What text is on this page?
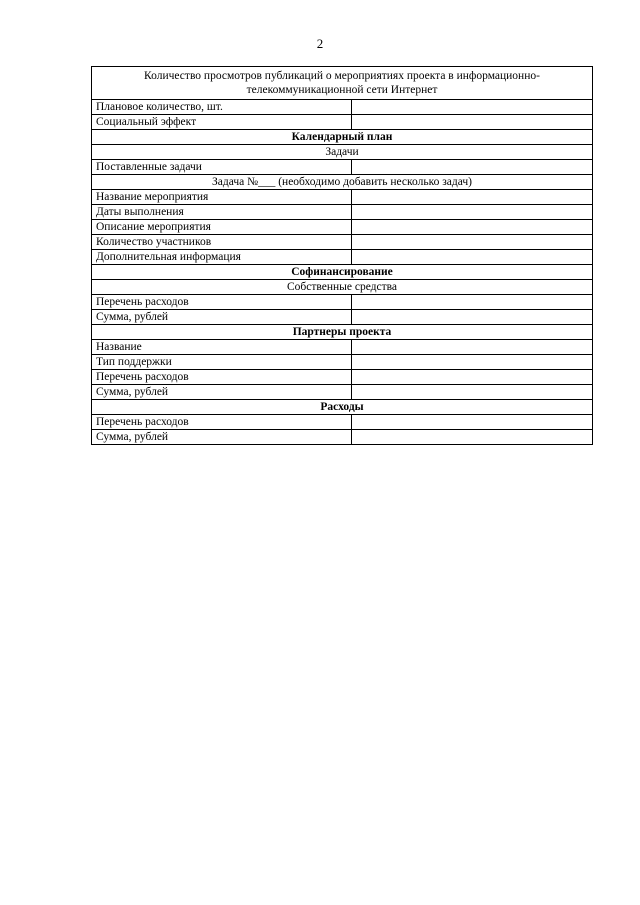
2
Количество просмотров публикаций о мероприятиях проекта в информационно-телекоммуникационной сети Интернет	
Плановое количество, шт.	
Социальный эффект	
Календарный план	
Задачи	
Поставленные задачи	
Задача №___ (необходимо добавить несколько задач)	
Название мероприятия	
Даты выполнения	
Описание мероприятия	
Количество участников	
Дополнительная информация	
Софинансирование	
Собственные средства	
Перечень расходов	
Сумма, рублей	
Партнеры проекта	
Название	
Тип поддержки	
Перечень расходов	
Сумма, рублей	
Расходы	
Перечень расходов	
Сумма, рублей	
